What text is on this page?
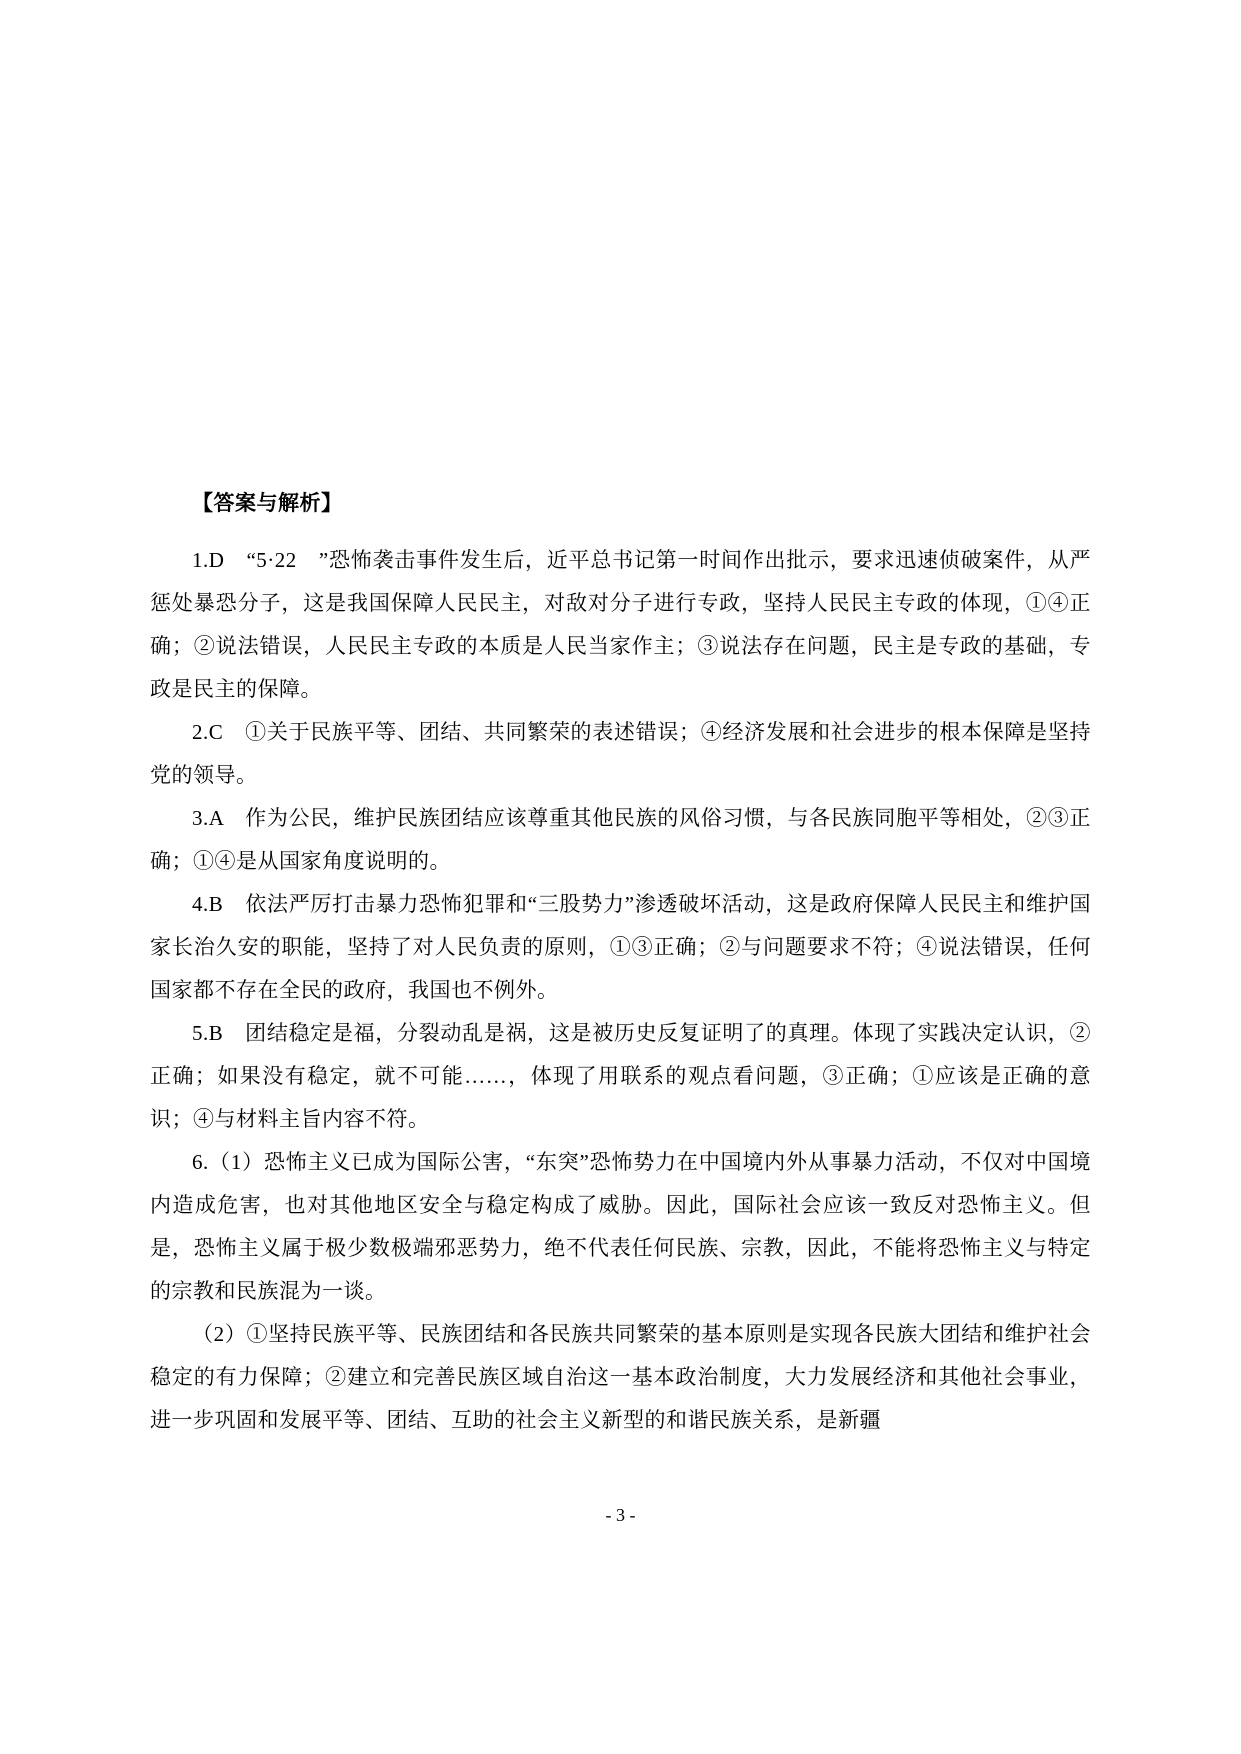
【答案与解析】

1.D　“5·22　”恐怖袭击事件发生后，近平总书记第一时间作出批示，要求迅速侦破案件，从严惩处暴恐分子，这是我国保障人民民主，对敌对分子进行专政，坚持人民民主专政的体现，①④正确；②说法错误，人民民主专政的本质是人民当家作主；③说法存在问题，民主是专政的基础，专政是民主的保障。

2.C　①关于民族平等、团结、共同繁荣的表述错误；④经济发展和社会进步的根本保障是坚持党的领导。

3.A　作为公民，维护民族团结应该尊重其他民族的风俗习惯，与各民族同胞平等相处，②③正确；①④是从国家角度说明的。

4.B　依法严厉打击暴力恐怖犯罪和“三股势力”渗透破坏活动，这是政府保障人民民主和维护国家长治久安的职能，坚持了对人民负责的原则，①③正确；②与问题要求不符；④说法错误，任何国家都不存在全民的政府，我国也不例外。

5.B　团结稳定是福，分裂动乱是祸，这是被历史反复证明了的真理。体现了实践决定认识，②正确；如果没有稳定，就不可能……，体现了用联系的观点看问题，③正确；①应该是正确的意识；④与材料主旨内容不符。

6.（1）恐怖主义已成为国际公害，“东突”恐怖势力在中国境内外从事暴力活动，不仅对中国境内造成危害，也对其他地区安全与稳定构成了威胁。因此，国际社会应该一致反对恐怖主义。但是，恐怖主义属于极少数极端邪恶势力，绝不代表任何民族、宗教，因此，不能将恐怖主义与特定的宗教和民族混为一谈。

（2）①坚持民族平等、民族团结和各民族共同繁荣的基本原则是实现各民族大团结和维护社会稳定的有力保障；②建立和完善民族区域自治这一基本政治制度，大力发展经济和其他社会事业，进一步巩固和发展平等、团结、互助的社会主义新型的和谐民族关系，是新疆

- 3 -
